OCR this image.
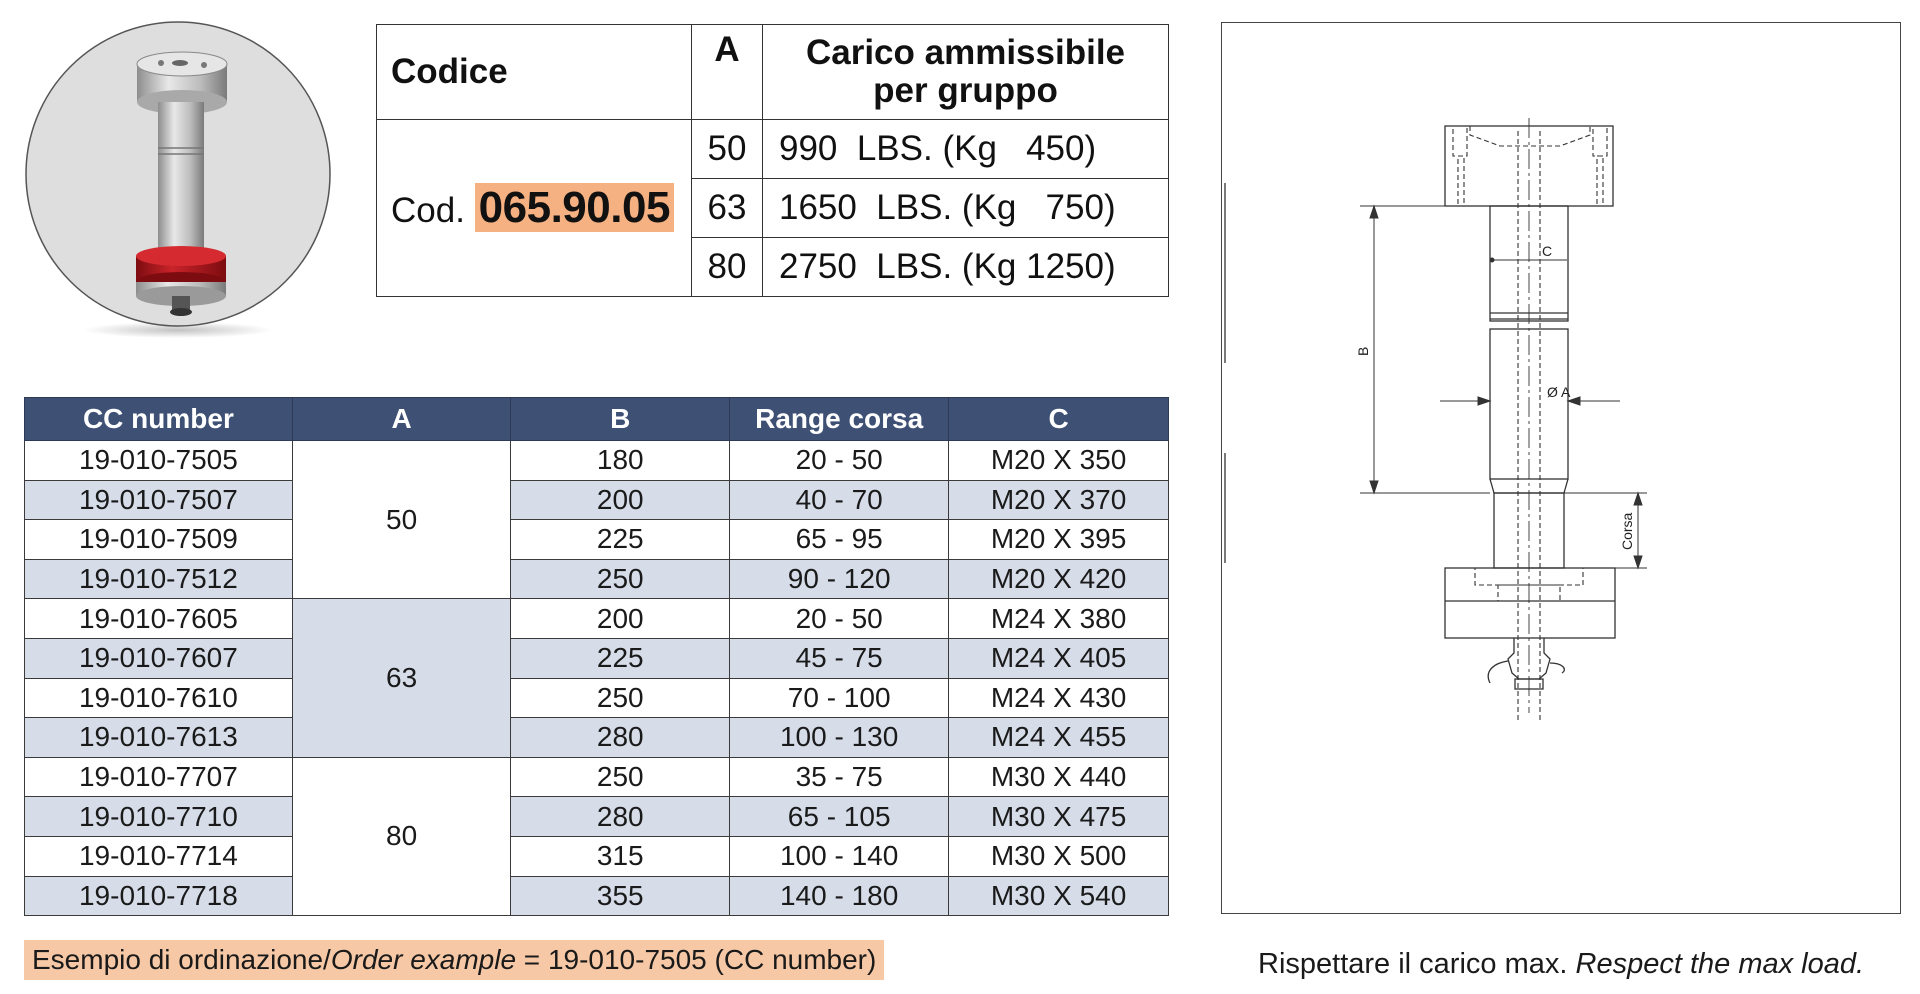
Codice	A	Carico ammissibile
per gruppo
Cod. 065.90.05	50	990  LBS. (Kg   450)
	63	1650  LBS. (Kg   750)
	80	2750  LBS. (Kg 1250)
CC number	A	B	Range corsa	C
19-010-7505	50	180	20 - 50	M20 X 350
19-010-7507		200	40 - 70	M20 X 370
19-010-7509		225	65 - 95	M20 X 395
19-010-7512		250	90 - 120	M20 X 420
19-010-7605	63	200	20 - 50	M24 X 380
19-010-7607		225	45 - 75	M24 X 405
19-010-7610		250	70 - 100	M24 X 430
19-010-7613		280	100 - 130	M24 X 455
19-010-7707	80	250	35 - 75	M30 X 440
19-010-7710		280	65 - 105	M30 X 475
19-010-7714		315	100 - 140	M30 X 500
19-010-7718		355	140 - 180	M30 X 540
Esempio di ordinazione/Order example = 19-010-7505 (CC number)
C
Ø A
B
Corsa
Rispettare il carico max. Respect the max load.
